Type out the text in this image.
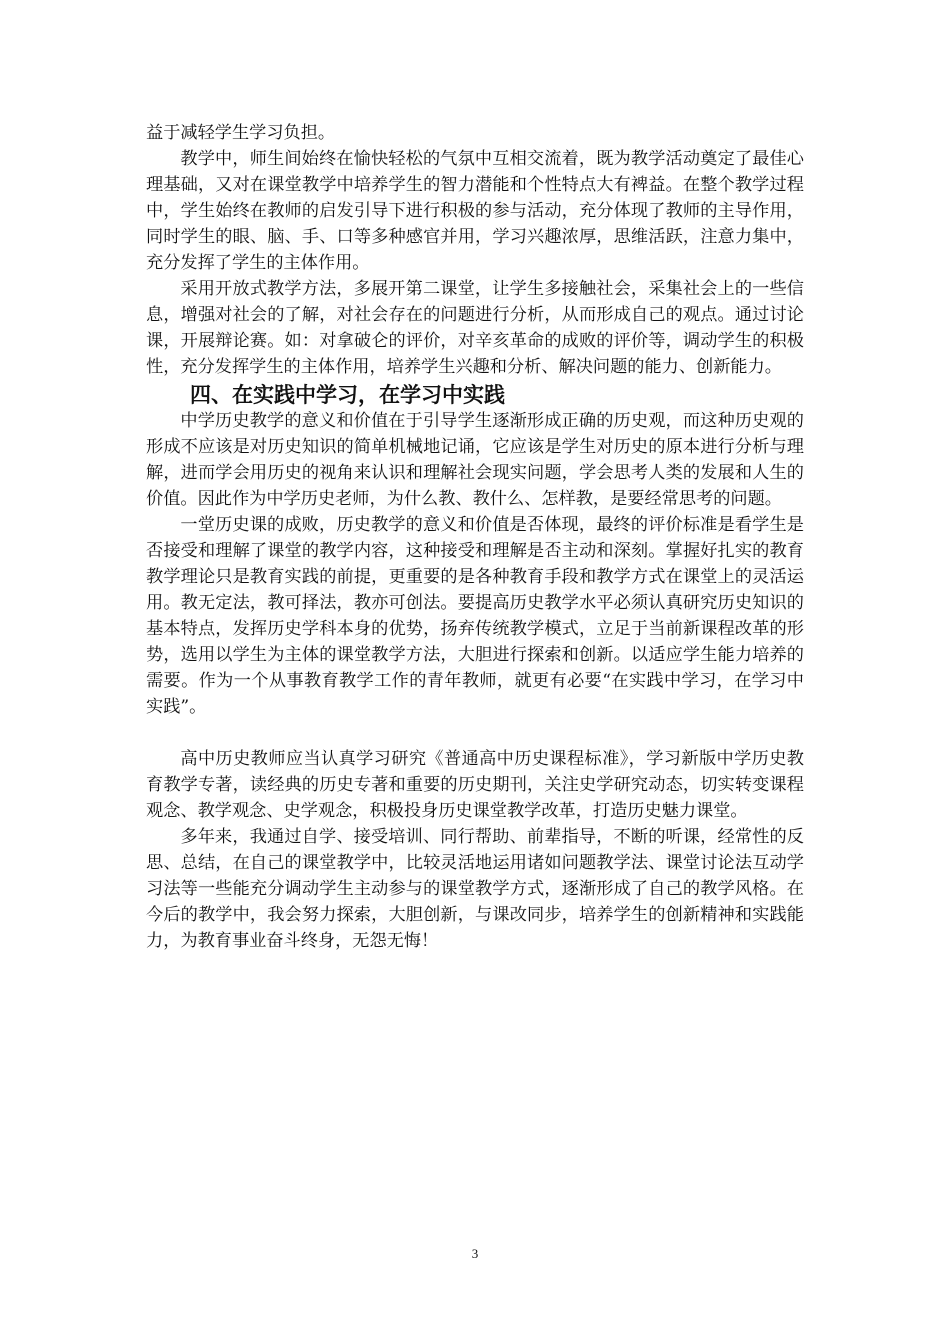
益于减轻学生学习负担。

教学中，师生间始终在愉快轻松的气氛中互相交流着，既为教学活动奠定了最佳心理基础，又对在课堂教学中培养学生的智力潜能和个性特点大有裨益。在整个教学过程中，学生始终在教师的启发引导下进行积极的参与活动，充分体现了教师的主导作用，同时学生的眼、脑、手、口等多种感官并用，学习兴趣浓厚，思维活跃，注意力集中，充分发挥了学生的主体作用。

采用开放式教学方法，多展开第二课堂，让学生多接触社会，采集社会上的一些信息，增强对社会的了解，对社会存在的问题进行分析，从而形成自己的观点。通过讨论课，开展辩论赛。如：对拿破仑的评价，对辛亥革命的成败的评价等，调动学生的积极性，充分发挥学生的主体作用，培养学生兴趣和分析、解决问题的能力、创新能力。

四、在实践中学习，在学习中实践

中学历史教学的意义和价值在于引导学生逐渐形成正确的历史观，而这种历史观的形成不应该是对历史知识的简单机械地记诵，它应该是学生对历史的原本进行分析与理解，进而学会用历史的视角来认识和理解社会现实问题，学会思考人类的发展和人生的价值。因此作为中学历史老师，为什么教、教什么、怎样教，是要经常思考的问题。

一堂历史课的成败，历史教学的意义和价值是否体现，最终的评价标准是看学生是否接受和理解了课堂的教学内容，这种接受和理解是否主动和深刻。掌握好扎实的教育教学理论只是教育实践的前提，更重要的是各种教育手段和教学方式在课堂上的灵活运用。教无定法，教可择法，教亦可创法。要提高历史教学水平必须认真研究历史知识的基本特点，发挥历史学科本身的优势，扬弃传统教学模式，立足于当前新课程改革的形势，选用以学生为主体的课堂教学方法，大胆进行探索和创新。以适应学生能力培养的需要。作为一个从事教育教学工作的青年教师，就更有必要“在实践中学习，在学习中实践”。

高中历史教师应当认真学习研究《普通高中历史课程标准》，学习新版中学历史教育教学专著，读经典的历史专著和重要的历史期刊，关注史学研究动态，切实转变课程观念、教学观念、史学观念，积极投身历史课堂教学改革，打造历史魅力课堂。

多年来，我通过自学、接受培训、同行帮助、前辈指导，不断的听课，经常性的反思、总结，在自己的课堂教学中，比较灵活地运用诸如问题教学法、课堂讨论法互动学习法等一些能充分调动学生主动参与的课堂教学方式，逐渐形成了自己的教学风格。在今后的教学中，我会努力探索，大胆创新，与课改同步，培养学生的创新精神和实践能力，为教育事业奋斗终身，无怨无悔！

3
